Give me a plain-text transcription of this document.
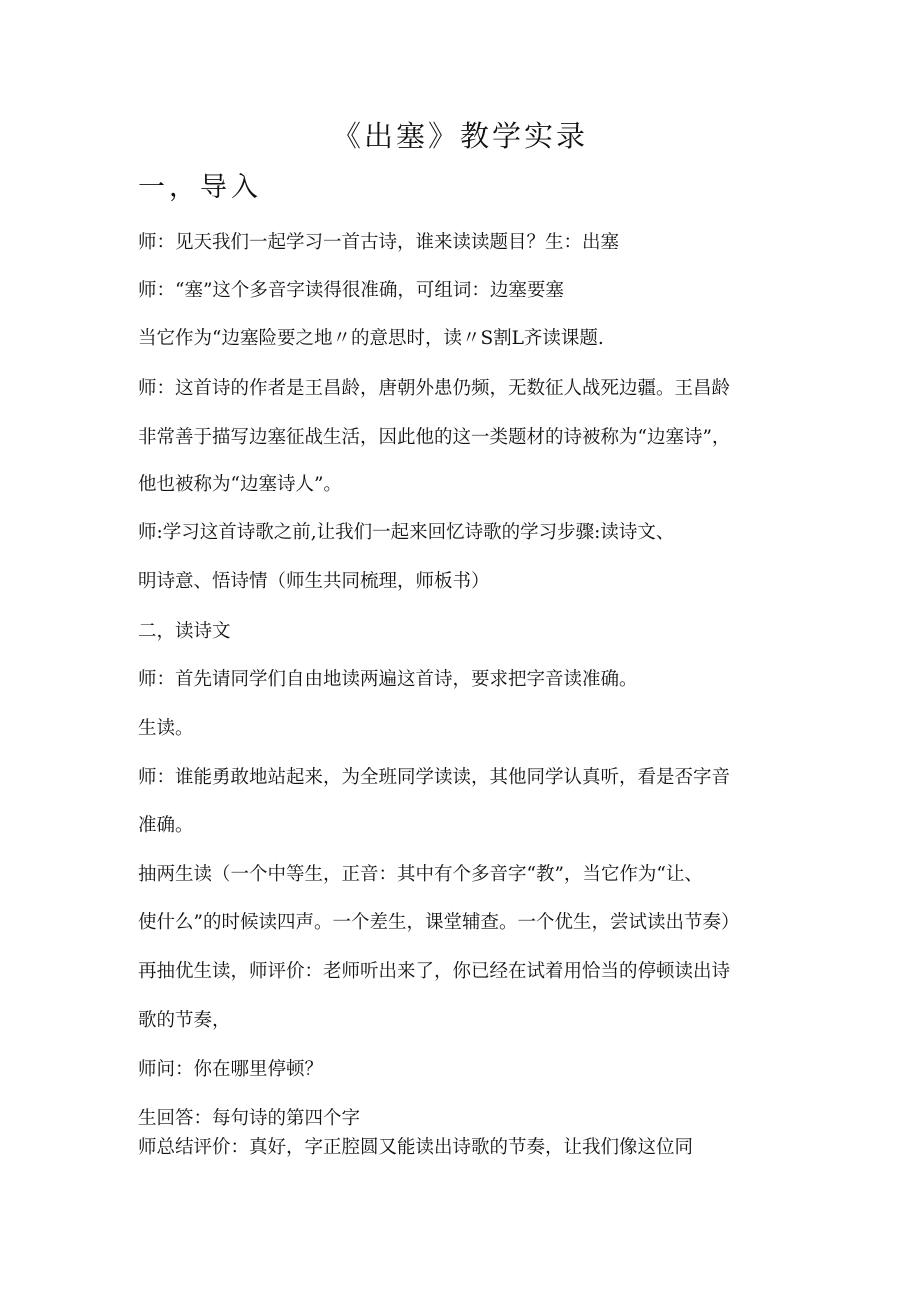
《出塞》教学实录
一，导入
师：见天我们一起学习一首古诗，谁来读读题目？生：出塞
师：“塞”这个多音字读得很准确，可组词：边塞要塞
当它作为“边塞险要之地〃的意思时，读〃S割L齐读课题.
师：这首诗的作者是王昌龄，唐朝外患仍频，无数征人战死边疆。王昌龄
非常善于描写边塞征战生活，因此他的这一类题材的诗被称为“边塞诗”，
他也被称为“边塞诗人”。
师:学习这首诗歌之前,让我们一起来回忆诗歌的学习步骤:读诗文、
明诗意、悟诗情（师生共同梳理，师板书）
二，读诗文
师：首先请同学们自由地读两遍这首诗，要求把字音读准确。
生读。
师：谁能勇敢地站起来，为全班同学读读，其他同学认真听，看是否字音
准确。
抽两生读（一个中等生，正音：其中有个多音字“教”，当它作为“让、
使什么”的时候读四声。一个差生，课堂辅查。一个优生，尝试读出节奏）
再抽优生读，师评价：老师听出来了，你已经在试着用恰当的停顿读出诗
歌的节奏，
师问：你在哪里停顿？
生回答：每句诗的第四个字
师总结评价：真好，字正腔圆又能读出诗歌的节奏，让我们像这位同
